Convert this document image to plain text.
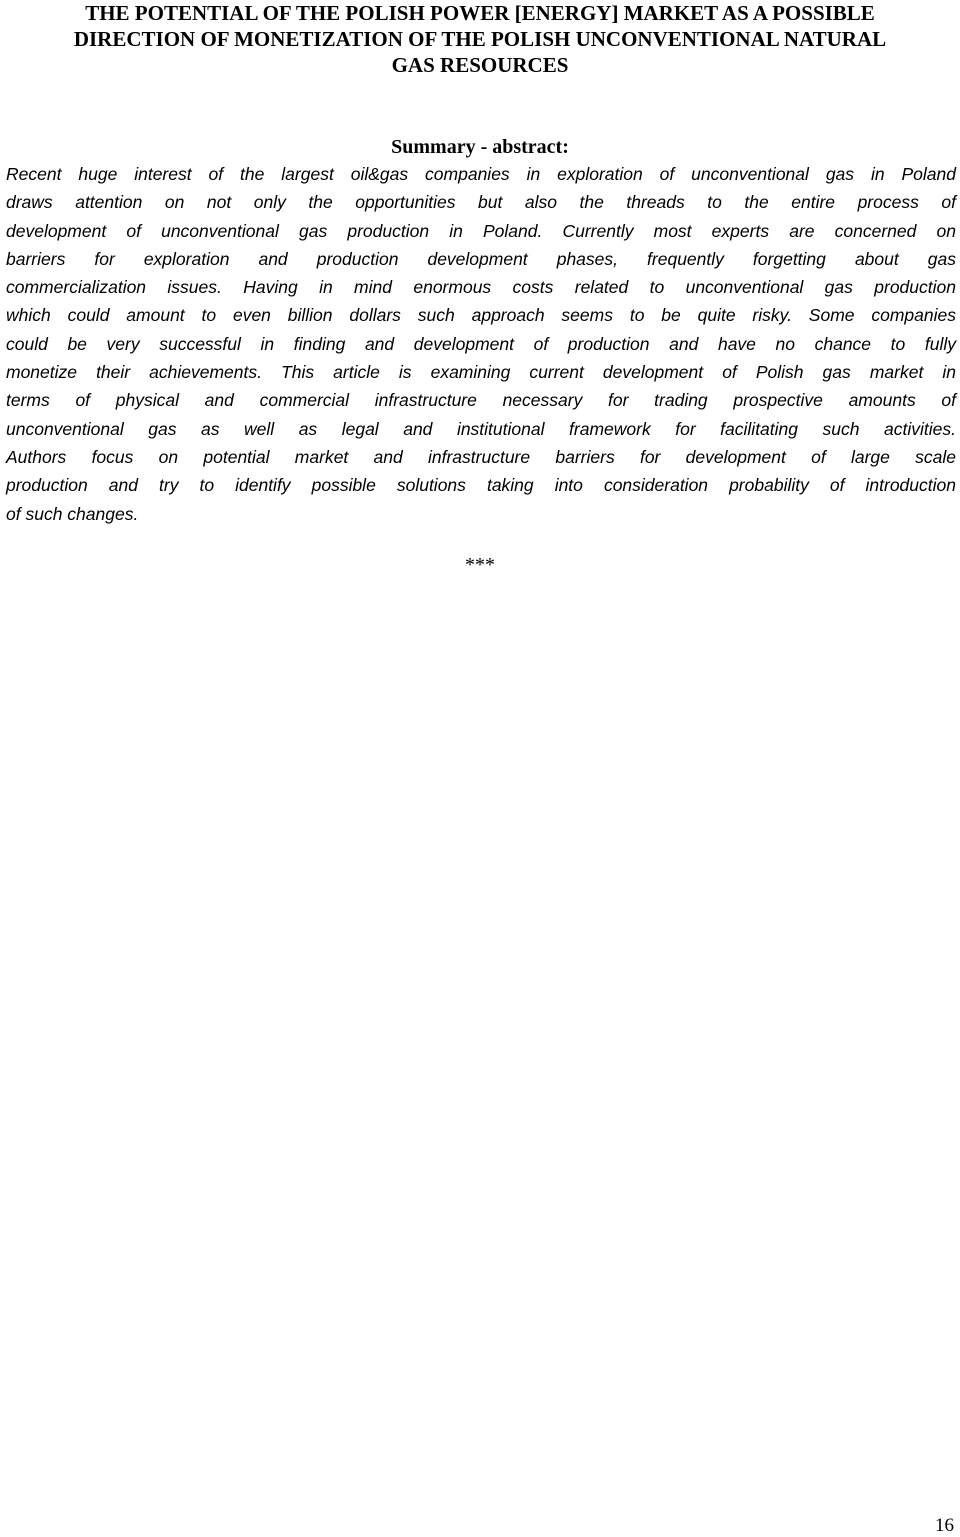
THE POTENTIAL OF THE POLISH POWER [ENERGY] MARKET AS A POSSIBLE
DIRECTION OF MONETIZATION OF THE POLISH UNCONVENTIONAL NATURAL
GAS RESOURCES
Summary - abstract:
Recent huge interest of the largest oil&gas companies in exploration of unconventional gas in Poland
draws attention on not only the opportunities but also the threads to the entire process of
development of unconventional gas production in Poland. Currently most experts are concerned on
barriers for exploration and production development phases, frequently forgetting about gas
commercialization issues. Having in mind enormous costs related to unconventional gas production
which could amount to even billion dollars such approach seems to be quite risky. Some companies
could be very successful in finding and development of production and have no chance to fully
monetize their achievements. This article is examining current development of Polish gas market in
terms of physical and commercial infrastructure necessary for trading prospective amounts of
unconventional gas as well as legal and institutional framework for facilitating such activities.
Authors focus on potential market and infrastructure barriers for development of large scale
production and try to identify possible solutions taking into consideration probability of introduction
of such changes.
***
16
